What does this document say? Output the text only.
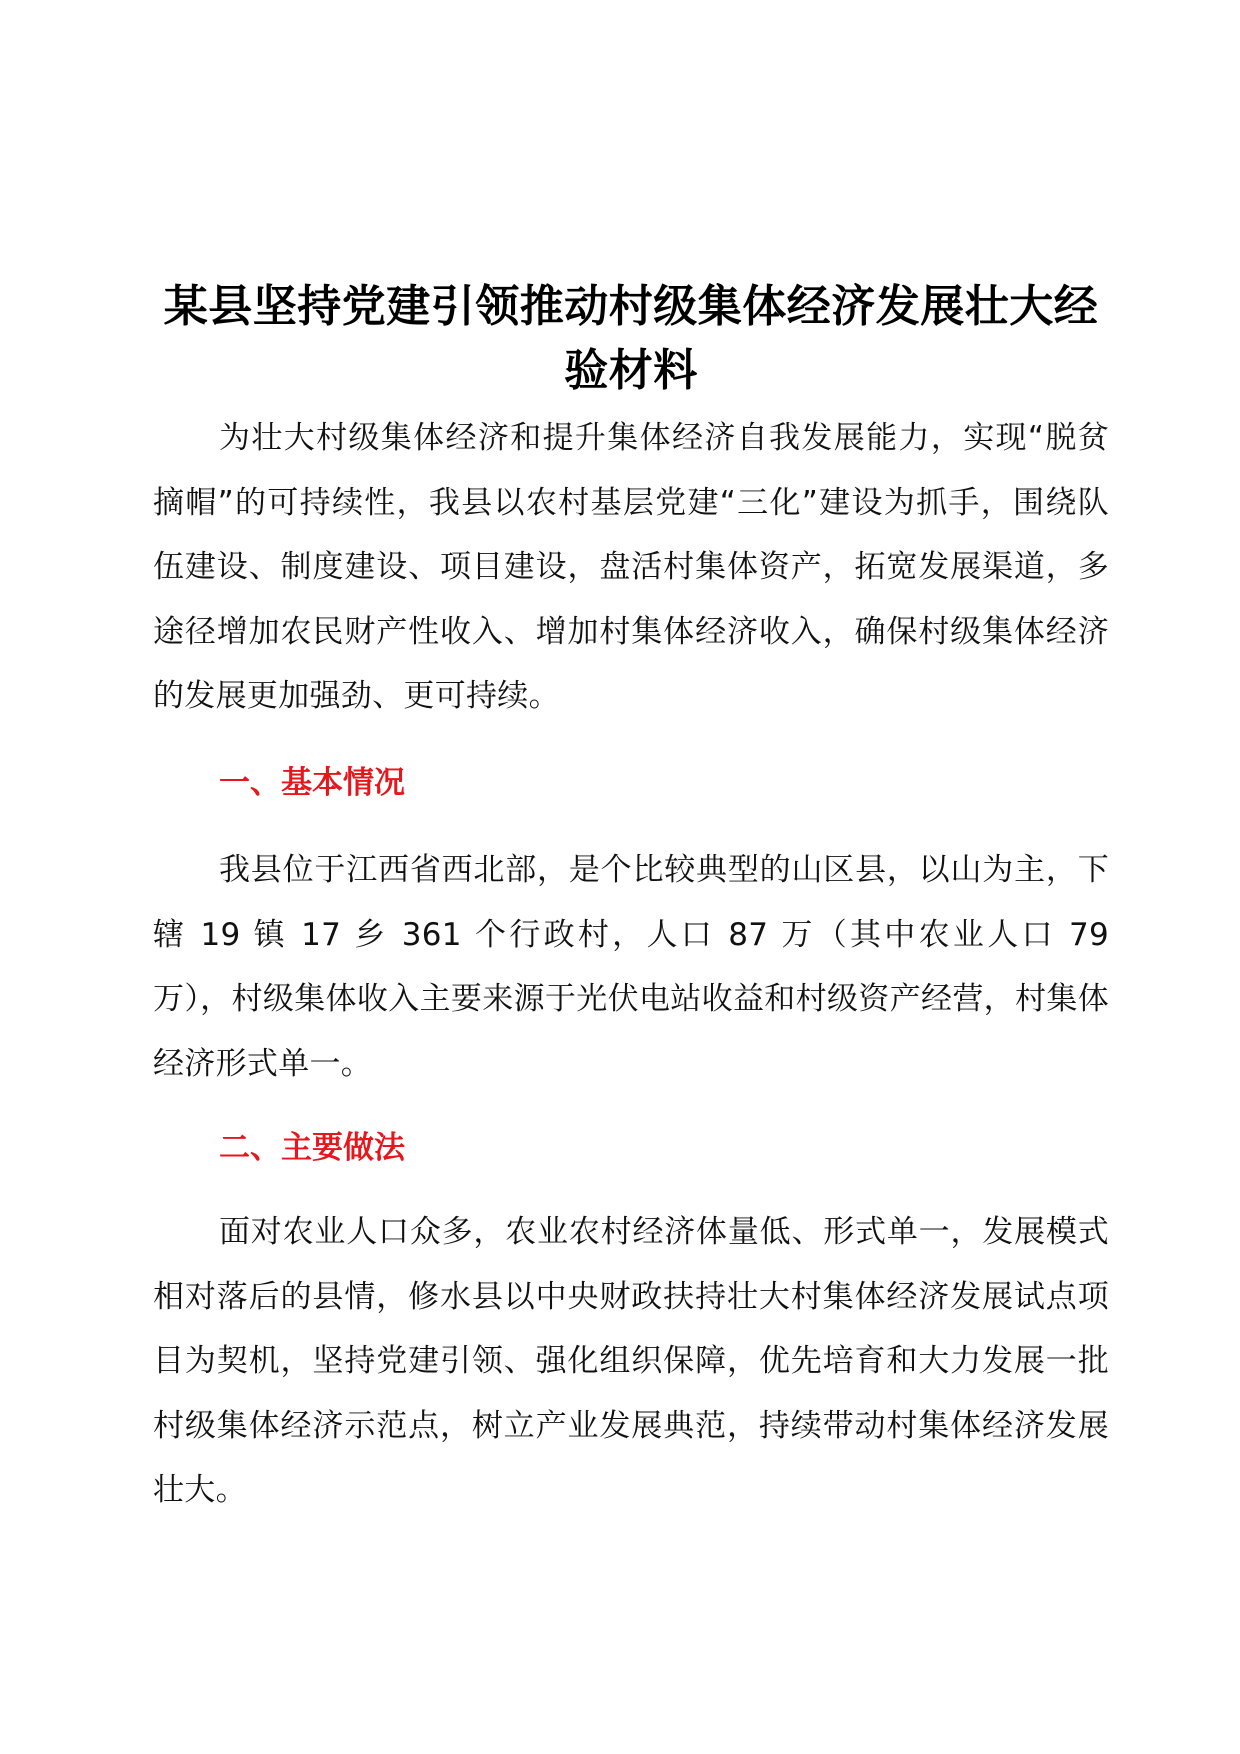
某县坚持党建引领推动村级集体经济发展壮大经验材料

为壮大村级集体经济和提升集体经济自我发展能力，实现“脱贫摘帽”的可持续性，我县以农村基层党建“三化”建设为抓手，围绕队伍建设、制度建设、项目建设，盘活村集体资产，拓宽发展渠道，多途径增加农民财产性收入、增加村集体经济收入，确保村级集体经济的发展更加强劲、更可持续。

一、基本情况

我县位于江西省西北部，是个比较典型的山区县，以山为主，下辖 19 镇 17 乡 361 个行政村，人口 87 万（其中农业人口 79 万），村级集体收入主要来源于光伏电站收益和村级资产经营，村集体经济形式单一。

二、主要做法

面对农业人口众多，农业农村经济体量低、形式单一，发展模式相对落后的县情，修水县以中央财政扶持壮大村集体经济发展试点项目为契机，坚持党建引领、强化组织保障，优先培育和大力发展一批村级集体经济示范点，树立产业发展典范，持续带动村集体经济发展壮大。
